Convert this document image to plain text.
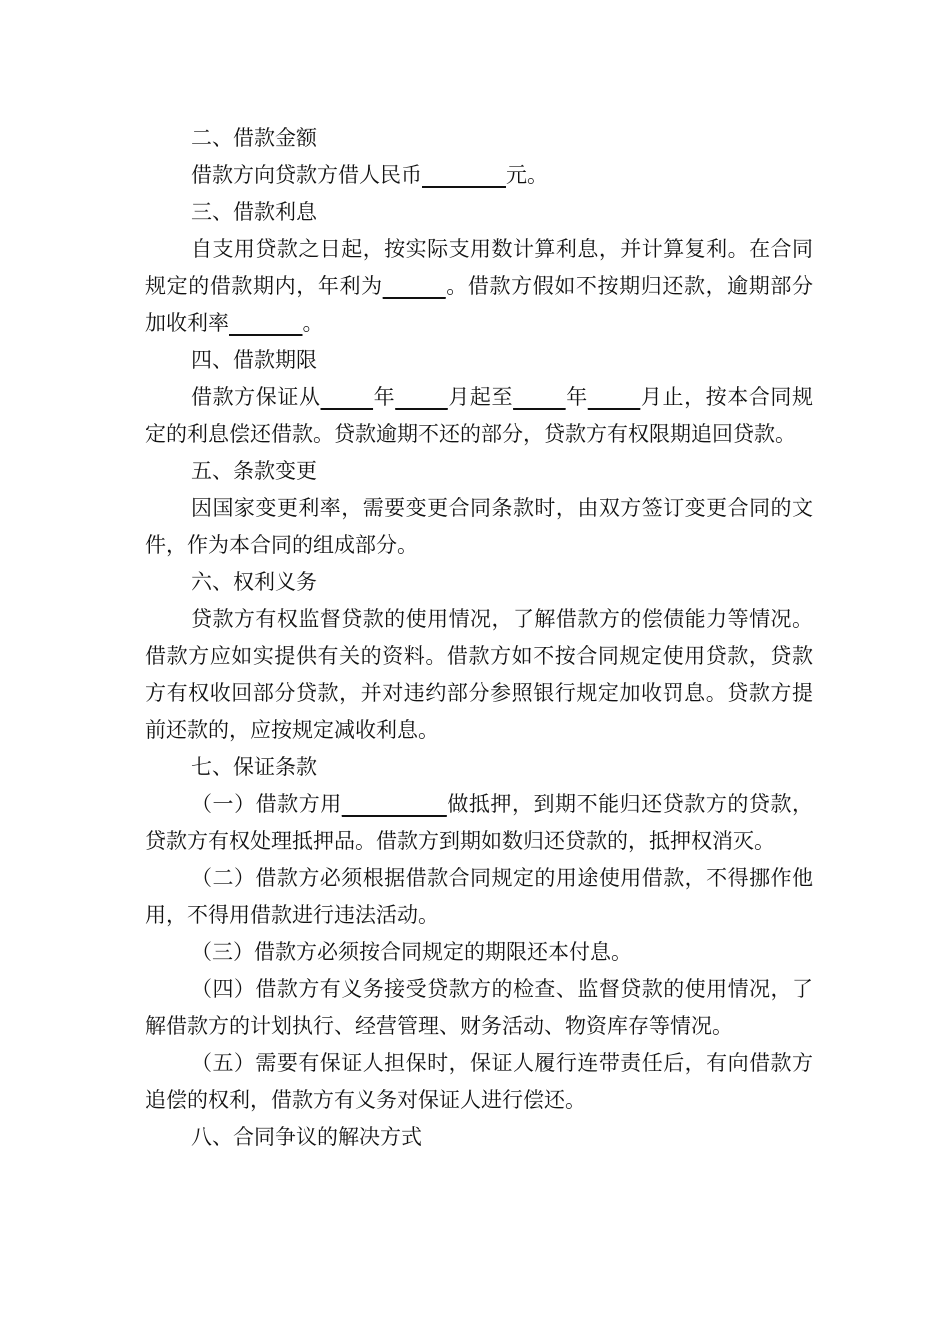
二、借款金额

借款方向贷款方借人民币________元。

三、借款利息

自支用贷款之日起，按实际支用数计算利息，并计算复利。在合同规定的借款期内，年利为______。借款方假如不按期归还款，逾期部分加收利率_______。

四、借款期限

借款方保证从_____年_____月起至_____年_____月止，按本合同规定的利息偿还借款。贷款逾期不还的部分，贷款方有权限期追回贷款。

五、条款变更

因国家变更利率，需要变更合同条款时，由双方签订变更合同的文件，作为本合同的组成部分。

六、权利义务

贷款方有权监督贷款的使用情况，了解借款方的偿债能力等情况。借款方应如实提供有关的资料。借款方如不按合同规定使用贷款，贷款方有权收回部分贷款，并对违约部分参照银行规定加收罚息。贷款方提前还款的，应按规定减收利息。

七、保证条款

（一）借款方用__________做抵押，到期不能归还贷款方的贷款，贷款方有权处理抵押品。借款方到期如数归还贷款的，抵押权消灭。

（二）借款方必须根据借款合同规定的用途使用借款，不得挪作他用，不得用借款进行违法活动。

（三）借款方必须按合同规定的期限还本付息。

（四）借款方有义务接受贷款方的检查、监督贷款的使用情况，了解借款方的计划执行、经营管理、财务活动、物资库存等情况。

（五）需要有保证人担保时，保证人履行连带责任后，有向借款方追偿的权利，借款方有义务对保证人进行偿还。

八、合同争议的解决方式
